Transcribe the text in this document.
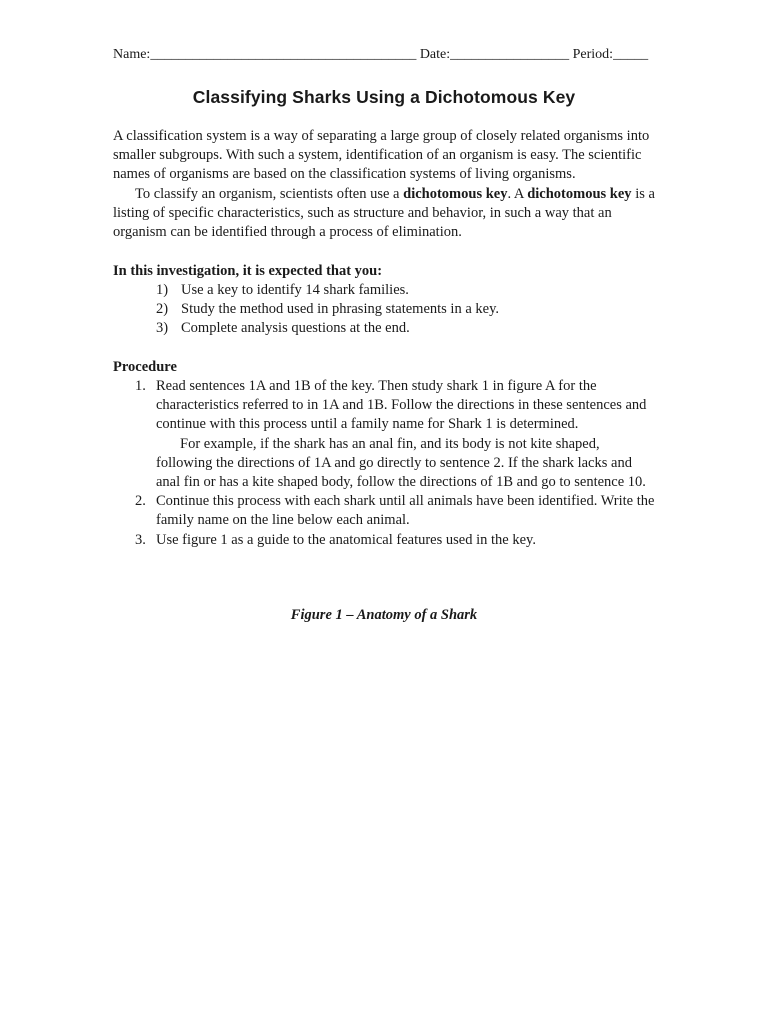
Name:______________________________________ Date:_________________ Period:_____
Classifying Sharks Using a Dichotomous Key

A classification system is a way of separating a large group of closely related organisms into smaller subgroups. With such a system, identification of an organism is easy. The scientific names of organisms are based on the classification systems of living organisms.

To classify an organism, scientists often use a dichotomous key. A dichotomous key is a listing of specific characteristics, such as structure and behavior, in such a way that an organism can be identified through a process of elimination.

In this investigation, it is expected that you:
1) Use a key to identify 14 shark families.
2) Study the method used in phrasing statements in a key.
3) Complete analysis questions at the end.
Procedure
1. Read sentences 1A and 1B of the key. Then study shark 1 in figure A for the characteristics referred to in 1A and 1B. Follow the directions in these sentences and continue with this process until a family name for Shark 1 is determined.
For example, if the shark has an anal fin, and its body is not kite shaped, following the directions of 1A and go directly to sentence 2. If the shark lacks and anal fin or has a kite shaped body, follow the directions of 1B and go to sentence 10.
2. Continue this process with each shark until all animals have been identified. Write the family name on the line below each animal.
3. Use figure 1 as a guide to the anatomical features used in the key.
Figure 1 – Anatomy of a Shark
